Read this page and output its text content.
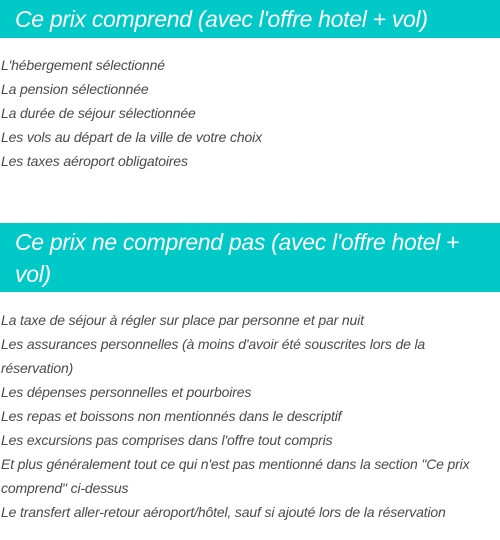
Ce prix comprend (avec l'offre hotel + vol)
L'hébergement sélectionné
La pension sélectionnée
La durée de séjour sélectionnée
Les vols au départ de la ville de votre choix
Les taxes aéroport obligatoires
Ce prix ne comprend pas (avec l'offre hotel + vol)
La taxe de séjour à régler sur place par personne et par nuit
Les assurances personnelles (à moins d'avoir été souscrites lors de la réservation)
Les dépenses personnelles et pourboires
Les repas et boissons non mentionnés dans le descriptif
Les excursions pas comprises dans l'offre tout compris
Et plus généralement tout ce qui n'est pas mentionné dans la section "Ce prix comprend" ci-dessus
Le transfert aller-retour aéroport/hôtel, sauf si ajouté lors de la réservation
